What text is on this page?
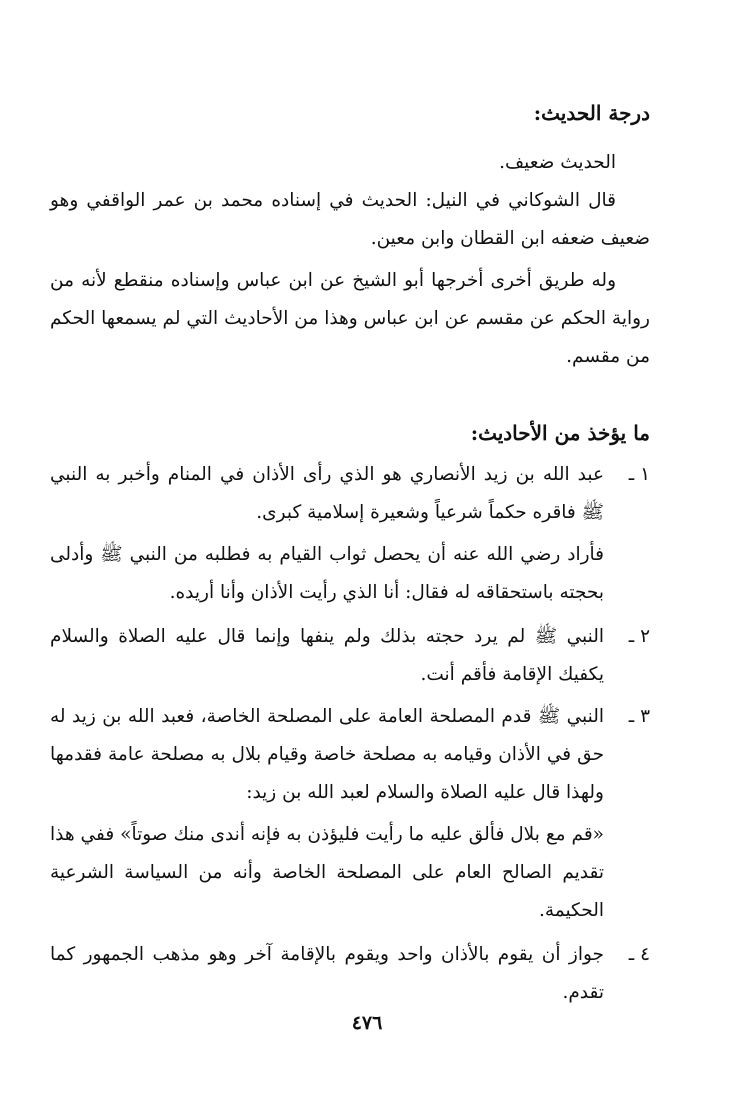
درجة الحديث:

الحديث ضعيف.

قال الشوكاني في النيل: الحديث في إسناده محمد بن عمر الواقفي وهو ضعيف ضعفه ابن القطان وابن معين.

وله طريق أخرى أخرجها أبو الشيخ عن ابن عباس وإسناده منقطع لأنه من رواية الحكم عن مقسم عن ابن عباس وهذا من الأحاديث التي لم يسمعها الحكم من مقسم.

ما يؤخذ من الأحاديث:
١ ـ
عبد الله بن زيد الأنصاري هو الذي رأى الأذان في المنام وأخبر به النبي ﷺ فاقره حكماً شرعياً وشعيرة إسلامية كبرى.

فأراد رضي الله عنه أن يحصل ثواب القيام به فطلبه من النبي ﷺ وأدلى بحجته باستحقاقه له فقال: أنا الذي رأيت الأذان وأنا أريده.

٢ ـ
النبي ﷺ لم يرد حجته بذلك ولم ينفها وإنما قال عليه الصلاة والسلام يكفيك الإقامة فأقم أنت.
٣ ـ
النبي ﷺ قدم المصلحة العامة على المصلحة الخاصة، فعبد الله بن زيد له حق في الأذان وقيامه به مصلحة خاصة وقيام بلال به مصلحة عامة فقدمها ولهذا قال عليه الصلاة والسلام لعبد الله بن زيد:

«قم مع بلال فألق عليه ما رأيت فليؤذن به فإنه أندى منك صوتاً» ففي هذا تقديم الصالح العام على المصلحة الخاصة وأنه من السياسة الشرعية الحكيمة.

٤ ـ
جواز أن يقوم بالأذان واحد ويقوم بالإقامة آخر وهو مذهب الجمهور كما تقدم.
٤٧٦
